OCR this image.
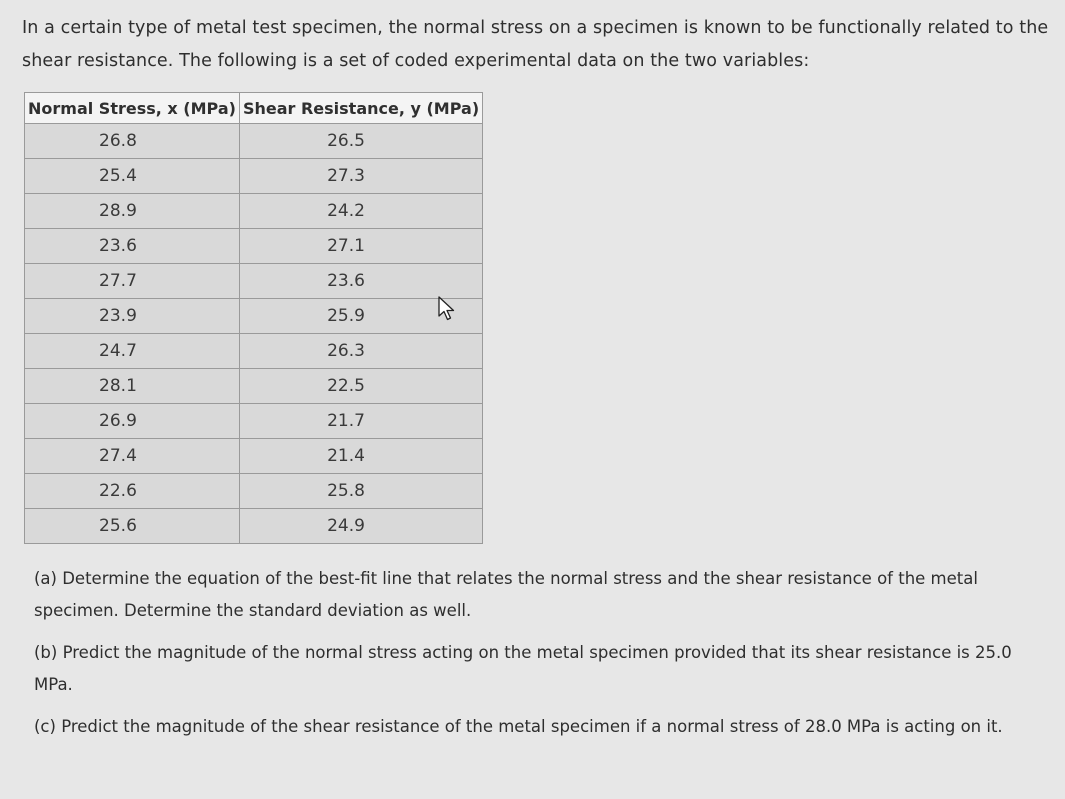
In a certain type of metal test specimen, the normal stress on a specimen is known to be functionally related to the
shear resistance. The following is a set of coded experimental data on the two variables:
Normal Stress, x (MPa)	Shear Resistance, y (MPa)
26.8	26.5
25.4	27.3
28.9	24.2
23.6	27.1
27.7	23.6
23.9	25.9
24.7	26.3
28.1	22.5
26.9	21.7
27.4	21.4
22.6	25.8
25.6	24.9

(a) Determine the equation of the best-fit line that relates the normal stress and the shear resistance of the metal
specimen. Determine the standard deviation as well.

(b) Predict the magnitude of the normal stress acting on the metal specimen provided that its shear resistance is 25.0
MPa.

(c) Predict the magnitude of the shear resistance of the metal specimen if a normal stress of 28.0 MPa is acting on it.
